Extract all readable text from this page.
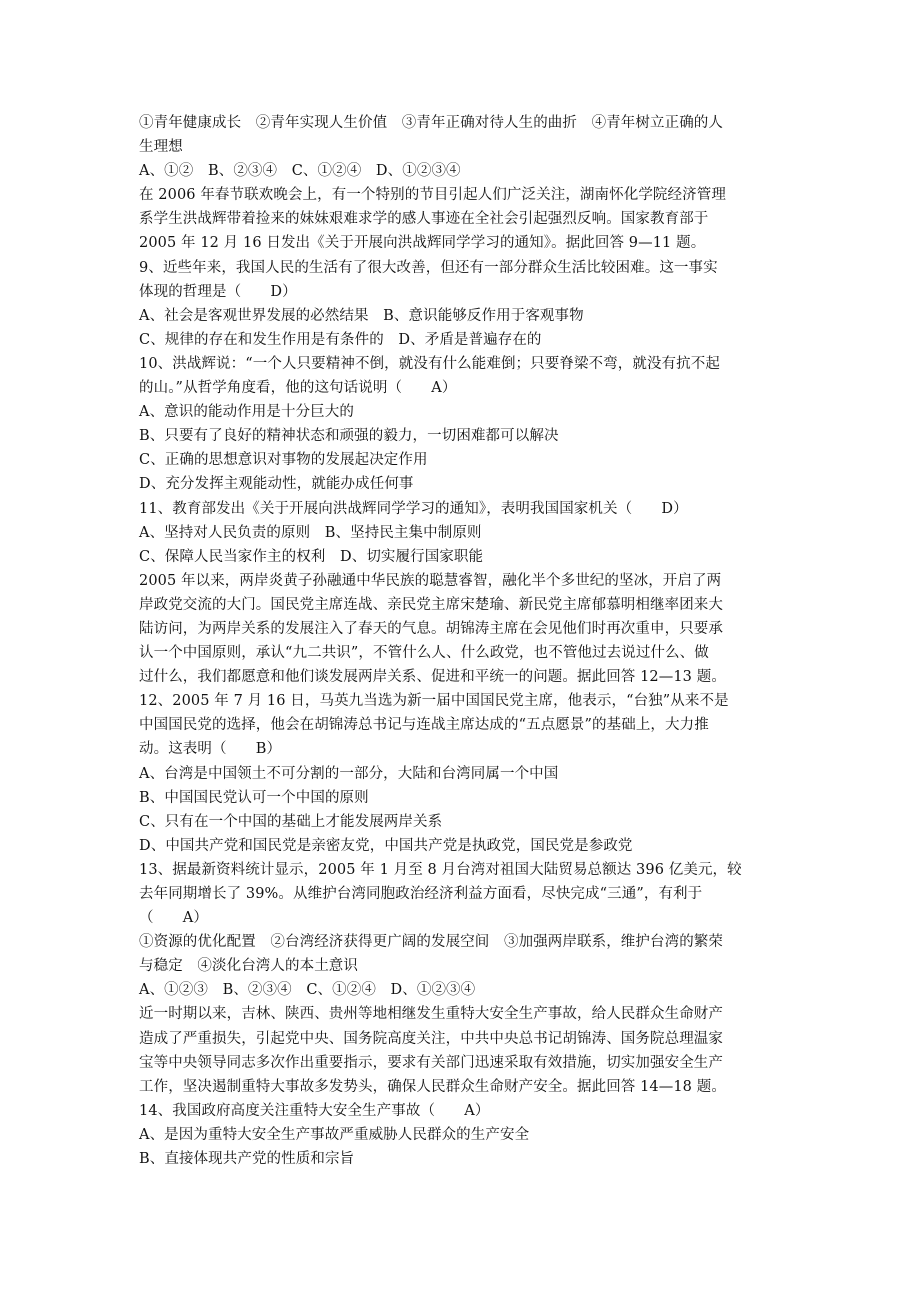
①青年健康成长　②青年实现人生价值　③青年正确对待人生的曲折　④青年树立正确的人
生理想
A、①②　B、②③④　C、①②④　D、①②③④
在 2006 年春节联欢晚会上，有一个特别的节目引起人们广泛关注，湖南怀化学院经济管理
系学生洪战辉带着捡来的妹妹艰难求学的感人事迹在全社会引起强烈反响。国家教育部于
2005 年 12 月 16 日发出《关于开展向洪战辉同学学习的通知》。据此回答 9—11 题。
9、近些年来，我国人民的生活有了很大改善，但还有一部分群众生活比较困难。这一事实
体现的哲理是（　　D）
A、社会是客观世界发展的必然结果　B、意识能够反作用于客观事物
C、规律的存在和发生作用是有条件的　D、矛盾是普遍存在的
10、洪战辉说：“一个人只要精神不倒，就没有什么能难倒；只要脊梁不弯，就没有抗不起
的山。”从哲学角度看，他的这句话说明（　　A）
A、意识的能动作用是十分巨大的
B、只要有了良好的精神状态和顽强的毅力，一切困难都可以解决
C、正确的思想意识对事物的发展起决定作用
D、充分发挥主观能动性，就能办成任何事
11、教育部发出《关于开展向洪战辉同学学习的通知》，表明我国国家机关（　　D）
A、坚持对人民负责的原则　B、坚持民主集中制原则
C、保障人民当家作主的权利　D、切实履行国家职能
2005 年以来，两岸炎黄子孙融通中华民族的聪慧睿智，融化半个多世纪的坚冰，开启了两
岸政党交流的大门。国民党主席连战、亲民党主席宋楚瑜、新民党主席郁慕明相继率团来大
陆访问，为两岸关系的发展注入了春天的气息。胡锦涛主席在会见他们时再次重申，只要承
认一个中国原则，承认“九二共识”，不管什么人、什么政党，也不管他过去说过什么、做
过什么，我们都愿意和他们谈发展两岸关系、促进和平统一的问题。据此回答 12—13 题。
12、2005 年 7 月 16 日，马英九当选为新一届中国国民党主席，他表示，“台独”从来不是
中国国民党的选择，他会在胡锦涛总书记与连战主席达成的“五点愿景”的基础上，大力推
动。这表明（　　B）
A、台湾是中国领土不可分割的一部分，大陆和台湾同属一个中国
B、中国国民党认可一个中国的原则
C、只有在一个中国的基础上才能发展两岸关系
D、中国共产党和国民党是亲密友党，中国共产党是执政党，国民党是参政党
13、据最新资料统计显示，2005 年 1 月至 8 月台湾对祖国大陆贸易总额达 396 亿美元，较
去年同期增长了 39%。从维护台湾同胞政治经济利益方面看，尽快完成“三通”，有利于
（　　A）
①资源的优化配置　②台湾经济获得更广阔的发展空间　③加强两岸联系，维护台湾的繁荣
与稳定　④淡化台湾人的本土意识
A、①②③　B、②③④　C、①②④　D、①②③④
近一时期以来，吉林、陕西、贵州等地相继发生重特大安全生产事故，给人民群众生命财产
造成了严重损失，引起党中央、国务院高度关注，中共中央总书记胡锦涛、国务院总理温家
宝等中央领导同志多次作出重要指示，要求有关部门迅速采取有效措施，切实加强安全生产
工作，坚决遏制重特大事故多发势头，确保人民群众生命财产安全。据此回答 14—18 题。
14、我国政府高度关注重特大安全生产事故（　　A）
A、是因为重特大安全生产事故严重威胁人民群众的生产安全
B、直接体现共产党的性质和宗旨
